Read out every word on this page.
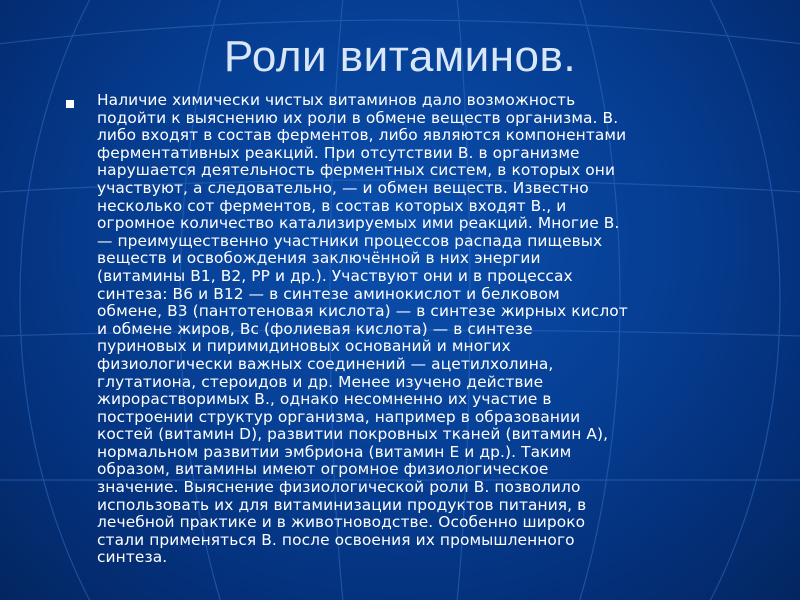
Роли витаминов.
Наличие химически чистых витаминов дало возможность
подойти к выяснению их роли в обмене веществ организма. В.
либо входят в состав ферментов, либо являются компонентами
ферментативных реакций. При отсутствии В. в организме
нарушается деятельность ферментных систем, в которых они
участвуют, а следовательно, — и обмен веществ. Известно
несколько сот ферментов, в состав которых входят В., и
огромное количество катализируемых ими реакций. Многие В.
— преимущественно участники процессов распада пищевых
веществ и освобождения заключённой в них энергии
(витамины B1, B2, PP и др.). Участвуют они и в процессах
синтеза: B6 и B12 — в синтезе аминокислот и белковом
обмене, B3 (пантотеновая кислота) — в синтезе жирных кислот
и обмене жиров, Bc (фолиевая кислота) — в синтезе
пуриновых и пиримидиновых оснований и многих
физиологически важных соединений — ацетилхолина,
глутатиона, стероидов и др. Менее изучено действие
жирорастворимых В., однако несомненно их участие в
построении структур организма, например в образовании
костей (витамин D), развитии покровных тканей (витамин A),
нормальном развитии эмбриона (витамин E и др.). Таким
образом, витамины имеют огромное физиологическое
значение. Выяснение физиологической роли В. позволило
использовать их для витаминизации продуктов питания, в
лечебной практике и в животноводстве. Особенно широко
стали применяться В. после освоения их промышленного
синтеза.
